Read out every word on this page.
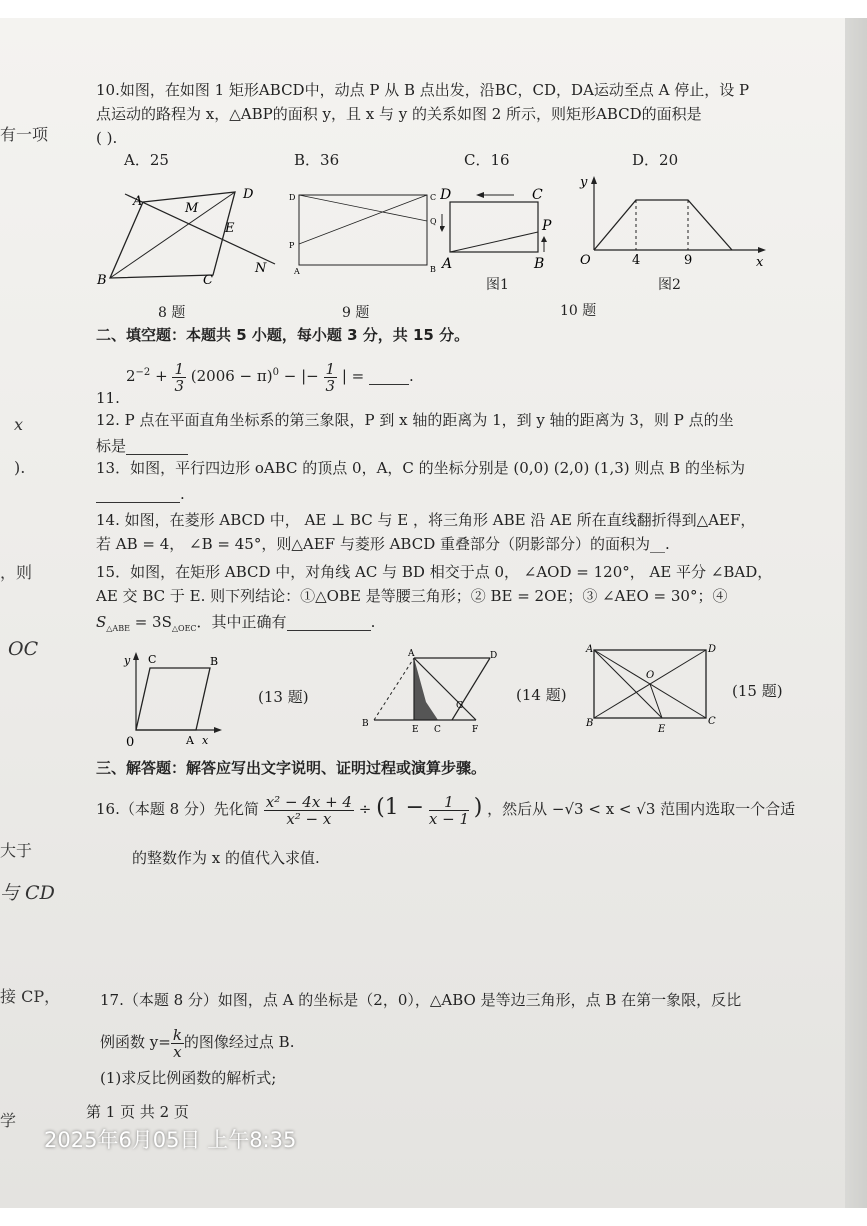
有一项
x
).
，则
OC
大于
与 CD
接 CP，
学
10.如图，在如图 1 矩形ABCD中，动点 P 从 B 点出发，沿BC，CD，DA运动至点 A 停止，设 P
点运动的路程为 x，△ABP的面积 y，且 x 与 y 的关系如图 2 所示，则矩形ABCD的面积是
( ).
A．25	B．36	C．16	D．20
A	M
D
E
B	C
N
8 题
D	C
Q
P
A	B
9 题
D	C
P
A	B
图1
10 题
y
O	4	9	x
图2
二、填空题：本题共 5 小题，每小题 3 分，共 15 分。
$2^{-2} + \frac{1}{3} (2006 - \pi)^0$ − |− $\frac{1}{3}$ | =	.
11.
12. P 点在平面直角坐标系的第三象限，P 到 x 轴的距离为 1，到 y 轴的距离为 3，则 P 点的坐
标是
13．如图，平行四边形 oABC 的顶点 0，A，C 的坐标分别是 (0,0) (2,0) (1,3) 则点 B 的坐标为
.
14. 如图，在菱形 ABCD 中， AE ⊥ BC 与 E ，将三角形 ABE 沿 AE 所在直线翻折得到△AEF，
若 AB = 4， ∠B = 45°，则△AEF 与菱形 ABCD 重叠部分（阴影部分）的面积为__.
15．如图，在矩形 ABCD 中，对角线 AC 与 BD 相交于点 0， ∠AOD = 120°， AE 平分 ∠BAD，
AE 交 BC 于 E. 则下列结论：①△OBE 是等腰三角形；② BE = 2OE；③ ∠AEO = 30°；④
$S_{\triangle ABE} = 3S_{\triangle OEC}$．其中正确有	.
y C	B
0	A x
(13 题)
A	D
G
B
E C	F
(14 题)
A	D
O
B
E
C
(15 题)
三、解答题：解答应写出文字说明、证明过程或演算步骤。
16.（本题 8 分）先化简 $\frac{\text{x² − 4x + 4}}{\text{x² − x}} \div (1 - \frac{1}{x - 1}$ ) ，然后从 −√3 < x < √3 范围内选取一个合适
的整数作为 x 的值代入求值.
17.（本题 8 分）如图，点 A 的坐标是（2，0），△ABO 是等边三角形，点 B 在第一象限，反比
例函数 $y= \frac{k}{x}$ 的图像经过点 B.
(1)求反比例函数的解析式;
第 1 页 共 2 页
2025年6月05日 上午8:35
